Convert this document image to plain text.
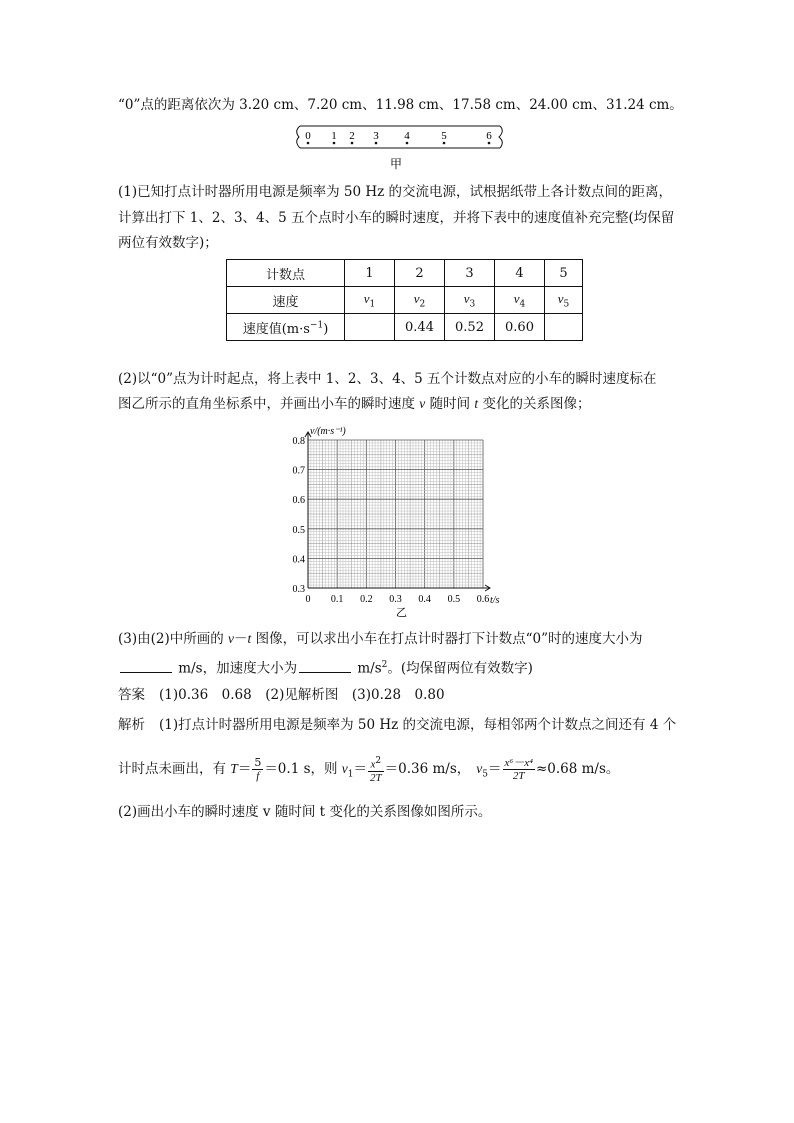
“0”点的距离依次为 3.20 cm、7.20 cm、11.98 cm、17.58 cm、24.00 cm、31.24 cm。
0 1 2 3 4	5	6
甲
(1)已知打点计时器所用电源是频率为 50 Hz 的交流电源，试根据纸带上各计数点间的距离，
计算出打下 1、2、3、4、5 五个点时小车的瞬时速度，并将下表中的速度值补充完整(均保留
两位有效数字)；
计数点	1	2	3	4	5
速度	$v_1$	$v_2$	$v_3$	$v_4$	$v_5$
速度值$(m\cdot s^{-1})$		0.44	0.52	0.60	
(2)以“0”点为计时起点，将上表中 1、2、3、4、5 五个计数点对应的小车的瞬时速度标在
图乙所示的直角坐标系中，并画出小车的瞬时速度 v 随时间 t 变化的关系图像；
0 0.1 0.2 0.3 0.4 0.5 0.6
0.3
0.4
0.5
0.6
0.7
0.8
v/(m·s⁻¹)
t/s
乙
(3)由(2)中所画的 v－t 图像，可以求出小车在打点计时器打下计数点“0”时的速度大小为
m/s，加速度大小为	$m/s^2$。(均保留两位有效数字)
答案 (1)0.36　0.68　(2)见解析图　(3)0.28　0.80
解析 (1)打点计时器所用电源是频率为 50 Hz 的交流电源，每相邻两个计数点之间还有 4 个
计时点未画出，有 $T= \frac{5}{f} =0.1$ s，则 $v_1= \frac{x^2}{2T} =0.36$ m/s， $v_5= \frac{\text{x⁶－x⁴}}{2T} \approx 0.68$ m/s。
(2)画出小车的瞬时速度 v 随时间 t 变化的关系图像如图所示。
